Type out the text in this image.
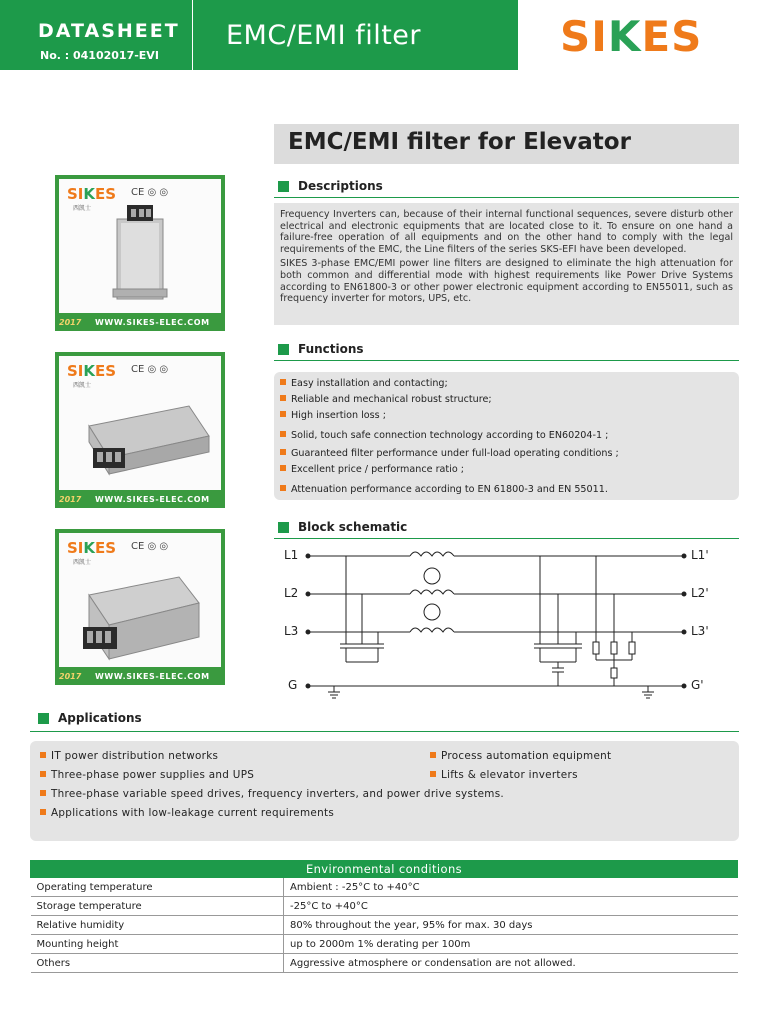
DATASHEET
No. : 04102017-EVI
EMC/EMI filter	SIKES
EMC/EMI filter for Elevator
Descriptions

Frequency Inverters can, because of their internal functional sequences, severe disturb other electrical and electronic equipments that are located close to it. To ensure on one hand a failure-free operation of all equipments and on the other hand to comply with the legal requirements of the EMC, the Line filters of the series SKS-EFI have been developed.

SIKES 3-phase EMC/EMI power line filters are designed to eliminate the high attenuation for both common and differential mode with highest requirements like Power Drive Systems according to EN61800-3 or other power electronic equipment according to EN55011, such as frequency inverter for motors, UPS, etc.

Functions
Easy installation and contacting;
Reliable and mechanical robust structure;
High insertion loss ;
Solid, touch safe connection technology according to EN60204-1 ;
Guaranteed filter performance under full-load operating conditions ;
Excellent price / performance ratio ;
Attenuation performance according to EN 61800-3 and EN 55011.
SIKES
西凯士
CE ◎ ◎
2017 WWW.SIKES-ELEC.COM
SIKES
西凯士
CE ◎ ◎
2017 WWW.SIKES-ELEC.COM
SIKES
西凯士
CE ◎ ◎
2017 WWW.SIKES-ELEC.COM
Block schematic
L1
L2
L3
G
L1'
L2'
L3'
G'
Applications
IT power distribution networks	Process automation equipment
Three-phase power supplies and UPS	Lifts & elevator inverters
Three-phase variable speed drives, frequency inverters, and power drive systems.
Applications with low-leakage current requirements
Environmental conditions	
Operating temperature	Ambient : -25°C to +40°C
Storage temperature	-25°C to +40°C
Relative humidity	80% throughout the year, 95% for max. 30 days
Mounting height	up to 2000m 1% derating per 100m
Others	Aggressive atmosphere or condensation are not allowed.
